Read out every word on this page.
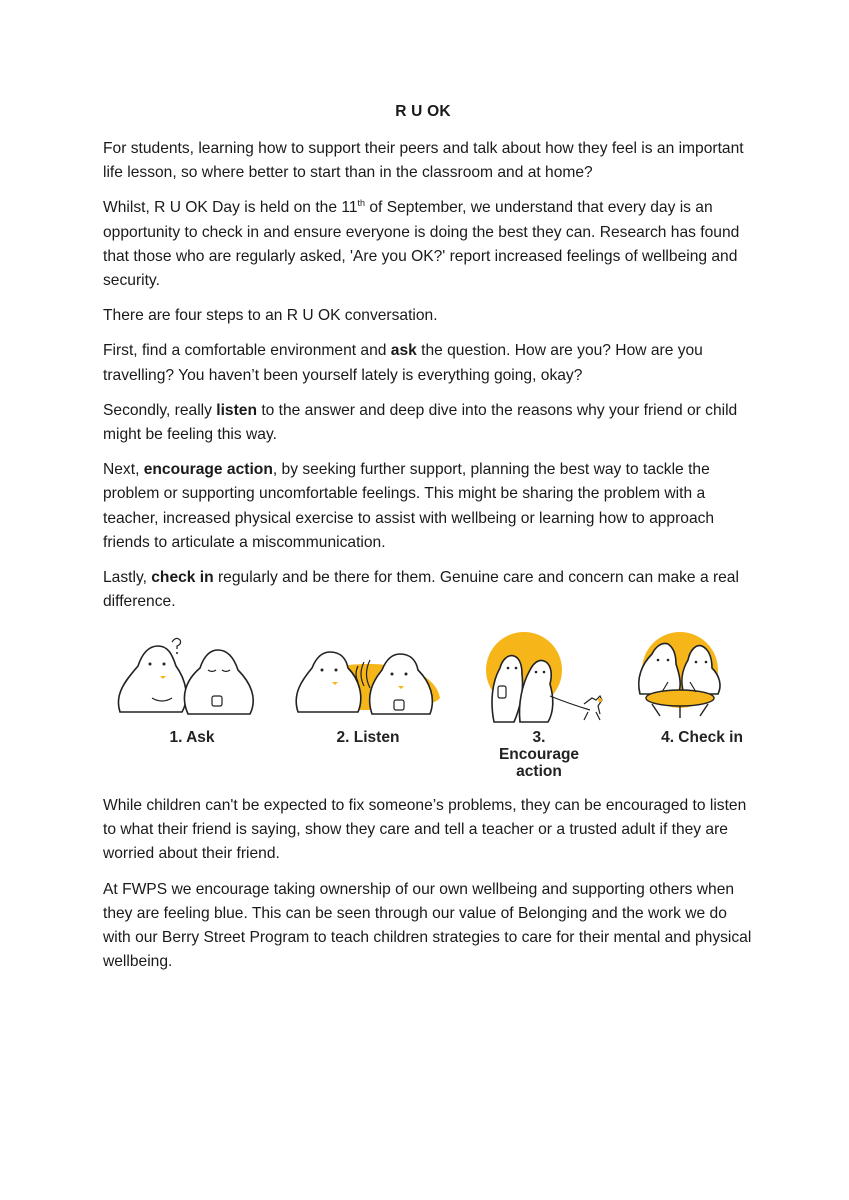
R U OK

For students, learning how to support their peers and talk about how they feel is an important life lesson, so where better to start than in the classroom and at home?

Whilst, R U OK Day is held on the 11th of September, we understand that every day is an opportunity to check in and ensure everyone is doing the best they can. Research has found that those who are regularly asked, 'Are you OK?' report increased feelings of wellbeing and security.

There are four steps to an R U OK conversation.

First, find a comfortable environment and ask the question. How are you? How are you travelling? You haven’t been yourself lately is everything going, okay?

Secondly, really listen to the answer and deep dive into the reasons why your friend or child might be feeling this way.

Next, encourage action, by seeking further support, planning the best way to tackle the problem or supporting uncomfortable feelings. This might be sharing the problem with a teacher, increased physical exercise to assist with wellbeing or learning how to approach friends to articulate a miscommunication.

Lastly, check in regularly and be there for them. Genuine care and concern can make a real difference.

1. Ask	2. Listen	3. Encourage action
4. Check in

While children can't be expected to fix someone’s problems, they can be encouraged to listen to what their friend is saying, show they care and tell a teacher or a trusted adult if they are worried about their friend.

At FWPS we encourage taking ownership of our own wellbeing and supporting others when they are feeling blue. This can be seen through our value of Belonging and the work we do with our Berry Street Program to teach children strategies to care for their mental and physical wellbeing.
